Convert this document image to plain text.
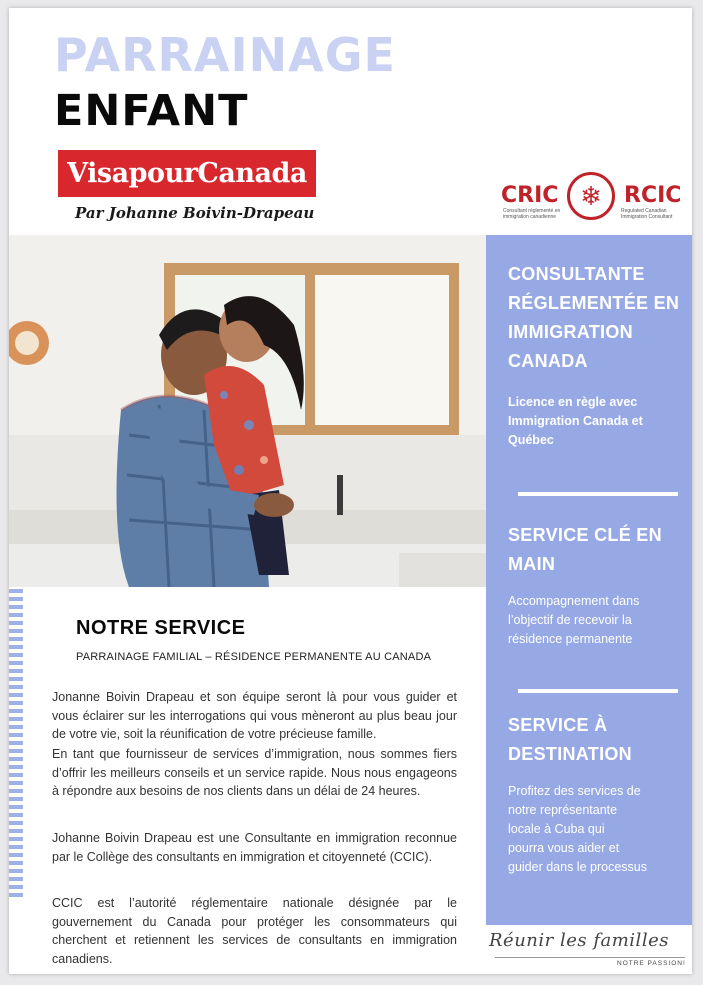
PARRAINAGE
ENFANT
VisapourCanada
Par Johanne Boivin-Drapeau
CRIC ❄ RCIC
Consultant réglementé en immigration canadienne
Regulated Canadian Immigration Consultant
CONSULTANTE
RÉGLEMENTÉE EN
IMMIGRATION
CANADA
Licence en règle avec
Immigration Canada et
Québec
SERVICE CLÉ EN
MAIN
Accompagnement dans
l’objectif de recevoir la
résidence permanente
SERVICE À
DESTINATION
Profitez des services de
notre représentante
locale à Cuba qui
pourra vous aider et
guider dans le processus
NOTRE SERVICE

PARRAINAGE FAMILIAL – RÉSIDENCE PERMANENTE AU CANADA

Jonanne Boivin Drapeau et son équipe seront là pour vous guider et vous éclairer sur les interrogations qui vous mèneront au plus beau jour de votre vie, soit la réunification de votre précieuse famille.

En tant que fournisseur de services d’immigration, nous sommes fiers d’offrir les meilleurs conseils et un service rapide. Nous nous engageons à répondre aux besoins de nos clients dans un délai de 24 heures.

Johanne Boivin Drapeau est une Consultante en immigration reconnue par le Collège des consultants en immigration et citoyenneté (CCIC).

CCIC est l’autorité réglementaire nationale désignée par le gouvernement du Canada pour protéger les consommateurs qui cherchent et retiennent les services de consultants en immigration canadiens.

Réunir les familles
NOTRE PASSION!
